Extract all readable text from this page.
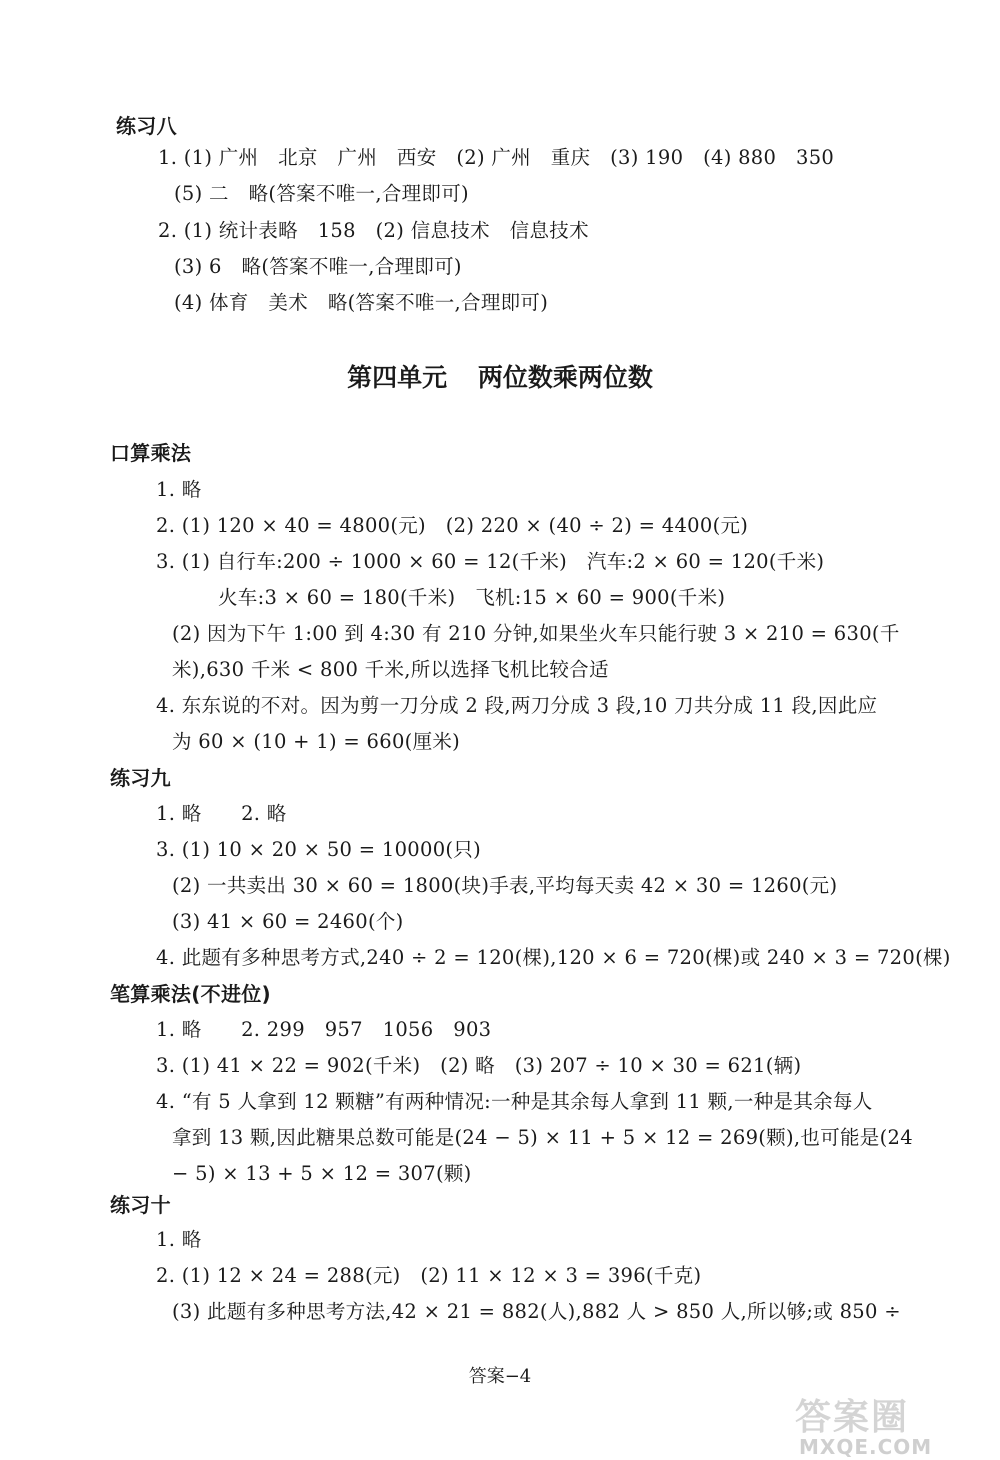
练习八
1. (1) 广州　北京　广州　西安　(2) 广州　重庆　(3) 190　(4) 880　350
(5) 二　略(答案不唯一,合理即可)
2. (1) 统计表略　158　(2) 信息技术　信息技术
(3) 6　略(答案不唯一,合理即可)
(4) 体育　美术　略(答案不唯一,合理即可)
第四单元 两位数乘两位数
口算乘法
1. 略
2. (1) 120 × 40 = 4800(元)　(2) 220 × (40 ÷ 2) = 4400(元)
3. (1) 自行车:200 ÷ 1000 × 60 = 12(千米)　汽车:2 × 60 = 120(千米)
火车:3 × 60 = 180(千米)　飞机:15 × 60 = 900(千米)
(2) 因为下午 1:00 到 4:30 有 210 分钟,如果坐火车只能行驶 3 × 210 = 630(千
米),630 千米 < 800 千米,所以选择飞机比较合适
4. 东东说的不对。因为剪一刀分成 2 段,两刀分成 3 段,10 刀共分成 11 段,因此应
为 60 × (10 + 1) = 660(厘米)
练习九
1. 略　　2. 略
3. (1) 10 × 20 × 50 = 10000(只)
(2) 一共卖出 30 × 60 = 1800(块)手表,平均每天卖 42 × 30 = 1260(元)
(3) 41 × 60 = 2460(个)
4. 此题有多种思考方式,240 ÷ 2 = 120(棵),120 × 6 = 720(棵)或 240 × 3 = 720(棵)
笔算乘法(不进位)
1. 略　　2. 299　957　1056　903
3. (1) 41 × 22 = 902(千米)　(2) 略　(3) 207 ÷ 10 × 30 = 621(辆)
4. “有 5 人拿到 12 颗糖”有两种情况:一种是其余每人拿到 11 颗,一种是其余每人
拿到 13 颗,因此糖果总数可能是(24 − 5) × 11 + 5 × 12 = 269(颗),也可能是(24
− 5) × 13 + 5 × 12 = 307(颗)
练习十
1. 略
2. (1) 12 × 24 = 288(元)　(2) 11 × 12 × 3 = 396(千克)
(3) 此题有多种思考方法,42 × 21 = 882(人),882 人 > 850 人,所以够;或 850 ÷
答案−4
答案圈
MXQE.COM
